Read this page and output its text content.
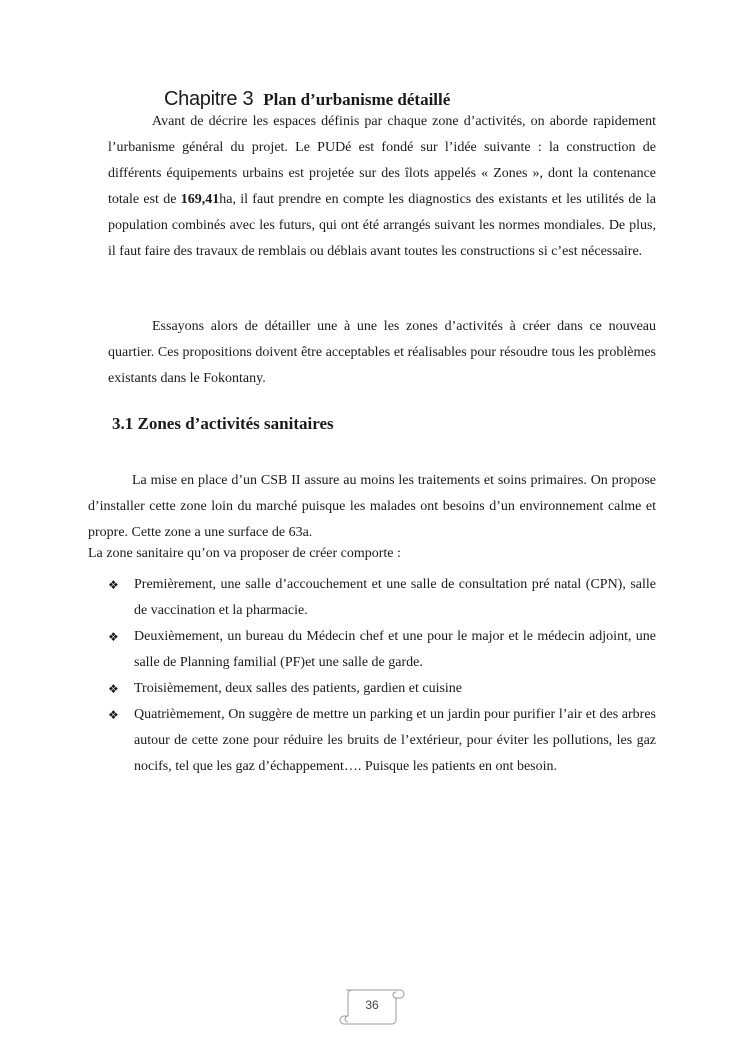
Chapitre 3 Plan d’urbanisme détaillé

Avant de décrire les espaces définis par chaque zone d’activités, on aborde rapidement l’urbanisme général du projet. Le PUDé est fondé sur l’idée suivante : la construction de différents équipements urbains est projetée sur des îlots appelés « Zones », dont la contenance totale est de 169,41ha, il faut prendre en compte les diagnostics des existants et les utilités de la population combinés avec les futurs, qui ont été arrangés suivant les normes mondiales. De plus, il faut faire des travaux de remblais ou déblais avant toutes les constructions si c’est nécessaire.

Essayons alors de détailler une à une les zones d’activités à créer dans ce nouveau quartier. Ces propositions doivent être acceptables et réalisables pour résoudre tous les problèmes existants dans le Fokontany.

3.1 Zones d’activités sanitaires

La mise en place d’un CSB II assure au moins les traitements et soins primaires. On propose d’installer cette zone loin du marché puisque les malades ont besoins d’un environnement calme et propre. Cette zone a une surface de 63a.

La zone sanitaire qu’on va proposer de créer comporte :

❖ Premièrement, une salle d’accouchement et une salle de consultation pré natal (CPN), salle de vaccination et la pharmacie.
❖ Deuxièmement, un bureau du Médecin chef et une pour le major et le médecin adjoint, une salle de Planning familial (PF)et une salle de garde.
❖ Troisièmement, deux salles des patients, gardien et cuisine
❖ Quatrièmement, On suggère de mettre un parking et un jardin pour purifier l’air et des arbres autour de cette zone pour réduire les bruits de l’extérieur, pour éviter les pollutions, les gaz nocifs, tel que les gaz d’échappement…. Puisque les patients en ont besoin.
36
